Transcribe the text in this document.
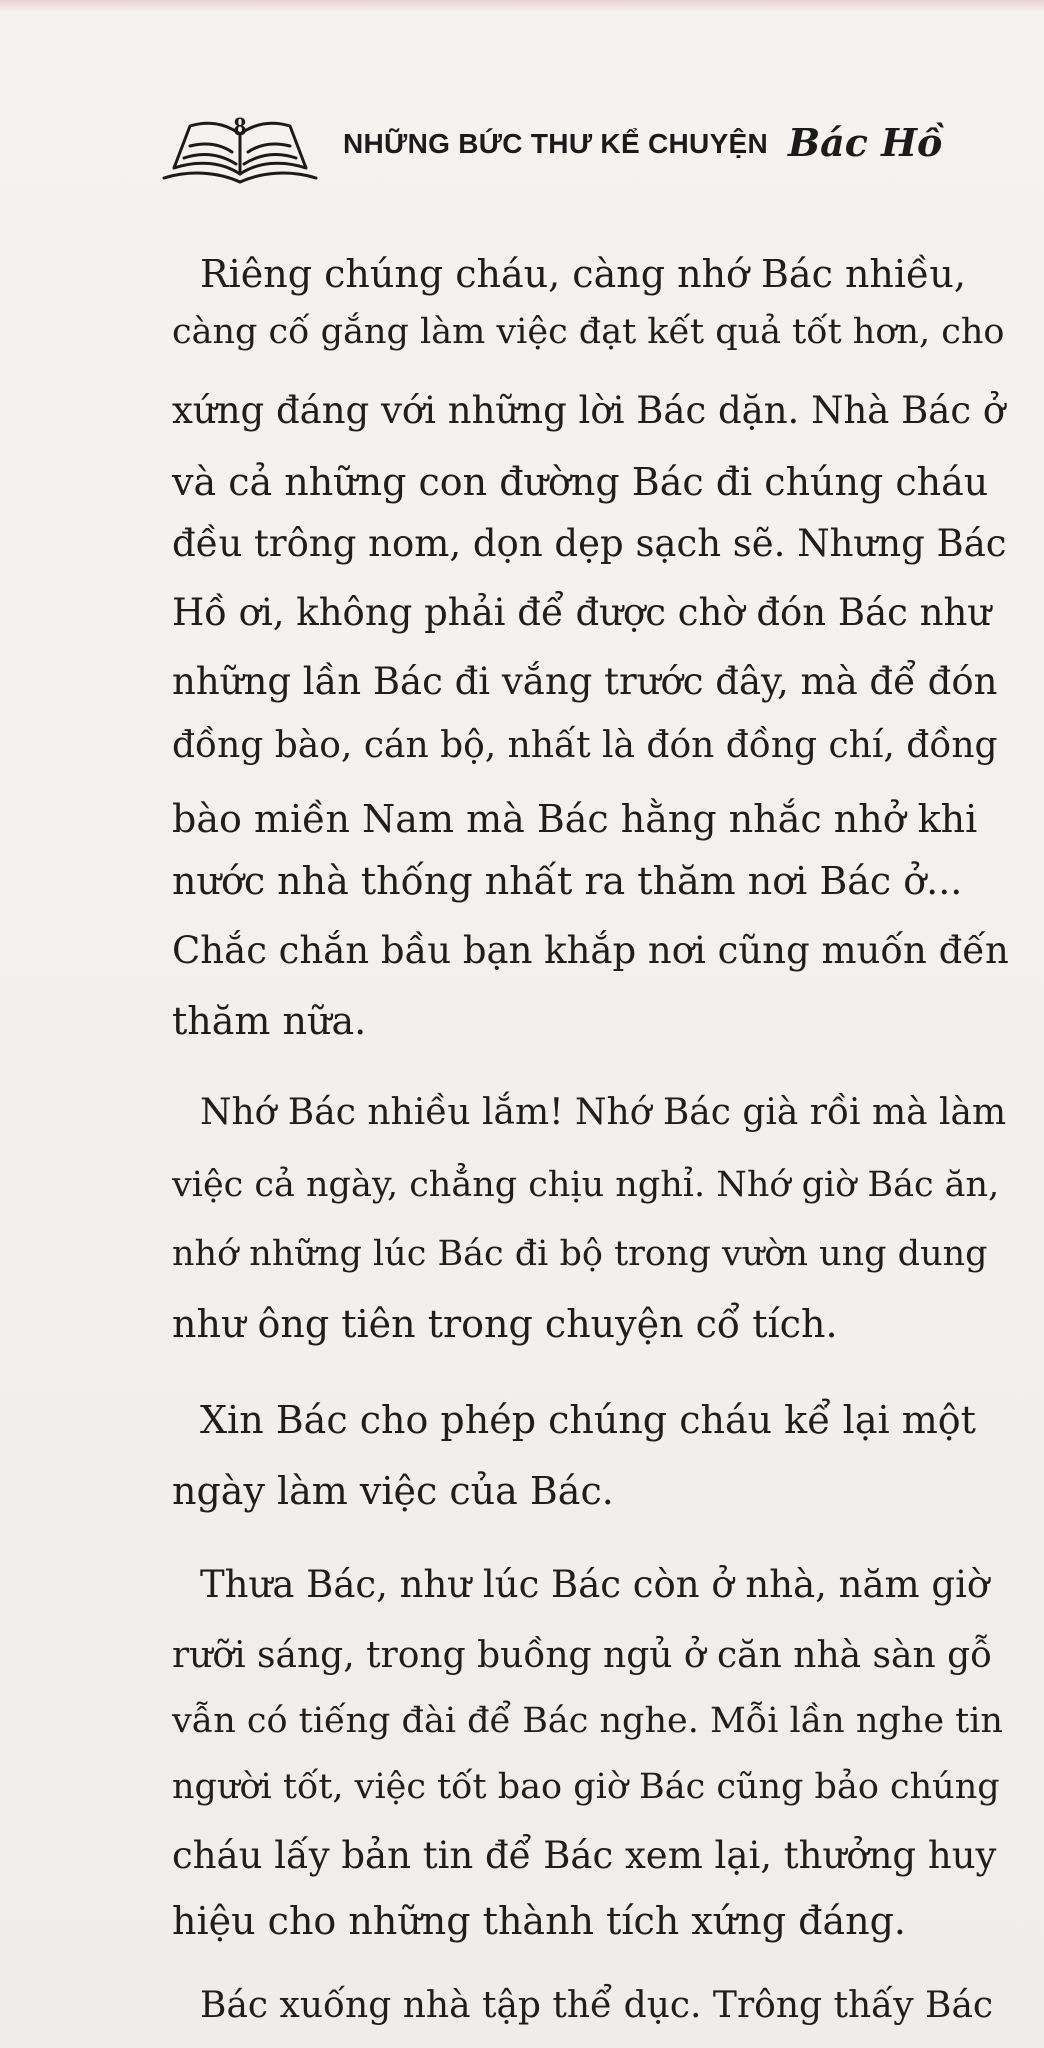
8
NHỮNG BỨC THƯ KỂ CHUYỆN Bác Hồ
Riêng chúng cháu, càng nhớ Bác nhiều,
càng cố gắng làm việc đạt kết quả tốt hơn, cho
xứng đáng với những lời Bác dặn. Nhà Bác ở
và cả những con đường Bác đi chúng cháu
đều trông nom, dọn dẹp sạch sẽ. Nhưng Bác
Hồ ơi, không phải để được chờ đón Bác như
những lần Bác đi vắng trước đây, mà để đón
đồng bào, cán bộ, nhất là đón đồng chí, đồng
bào miền Nam mà Bác hằng nhắc nhở khi
nước nhà thống nhất ra thăm nơi Bác ở...
Chắc chắn bầu bạn khắp nơi cũng muốn đến
thăm nữa.
Nhớ Bác nhiều lắm! Nhớ Bác già rồi mà làm
việc cả ngày, chẳng chịu nghỉ. Nhớ giờ Bác ăn,
nhớ những lúc Bác đi bộ trong vườn ung dung
như ông tiên trong chuyện cổ tích.
Xin Bác cho phép chúng cháu kể lại một
ngày làm việc của Bác.
Thưa Bác, như lúc Bác còn ở nhà, năm giờ
rưỡi sáng, trong buồng ngủ ở căn nhà sàn gỗ
vẫn có tiếng đài để Bác nghe. Mỗi lần nghe tin
người tốt, việc tốt bao giờ Bác cũng bảo chúng
cháu lấy bản tin để Bác xem lại, thưởng huy
hiệu cho những thành tích xứng đáng.
Bác xuống nhà tập thể dục. Trông thấy Bác
